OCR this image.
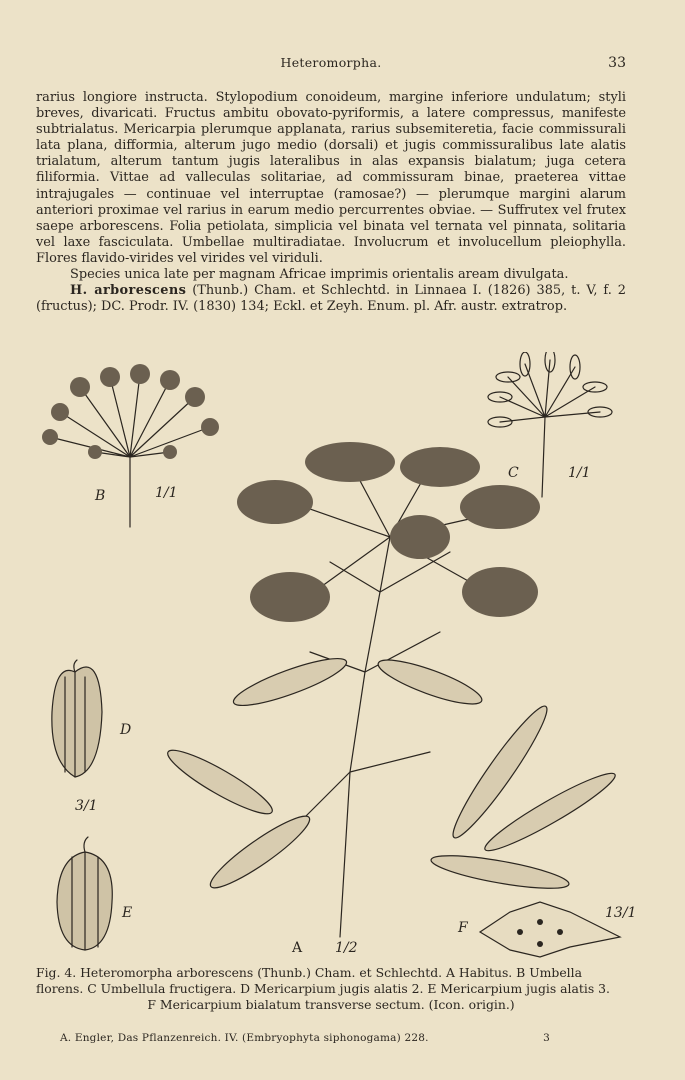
Heteromorpha.	33

rarius longiore instructa. Stylopodium conoideum, margine inferiore undulatum; styli breves, divaricati. Fructus ambitu obovato-pyriformis, a latere compressus, manifeste subtrialatus. Mericarpia plerumque applanata, rarius subsemiteretia, facie commissurali lata plana, difformia, alterum jugo medio (dorsali) et jugis commissuralibus late alatis trialatum, alterum tantum jugis lateralibus in alas expansis bialatum; juga cetera filiformia. Vittae ad valleculas solitariae, ad commissuram binae, praeterea vittae intrajugales — continuae vel interruptae (ramosae?) — plerumque margini alarum anteriori proximae vel rarius in earum medio percurrentes obviae. — Suffrutex vel frutex saepe arborescens. Folia petiolata, simplicia vel binata vel ternata vel pinnata, solitaria vel laxe fasciculata. Umbellae multiradiatae. Involucrum et involucellum pleiophylla. Flores flavido-virides vel virides vel viriduli.

Species unica late per magnam Africae imprimis orientalis aream divulgata.

H. arborescens (Thunb.) Cham. et Schlechtd. in Linnaea I. (1826) 385, t. V, f. 2 (fructus); DC. Prodr. IV. (1830) 134; Eckl. et Zeyh. Enum. pl. Afr. austr. extratrop.

B	1/1
C	1/1
D
3/1
E
F
13/1
A 1/2
Fig. 4. Heteromorpha arborescens (Thunb.) Cham. et Schlechtd. A Habitus. B Umbella
florens. C Umbellula fructigera. D Mericarpium jugis alatis 2. E Mericarpium jugis alatis 3.
F Mericarpium bialatum transverse sectum. (Icon. origin.)
A. Engler, Das Pflanzenreich. IV. (Embryophyta siphonogama) 228.	3
